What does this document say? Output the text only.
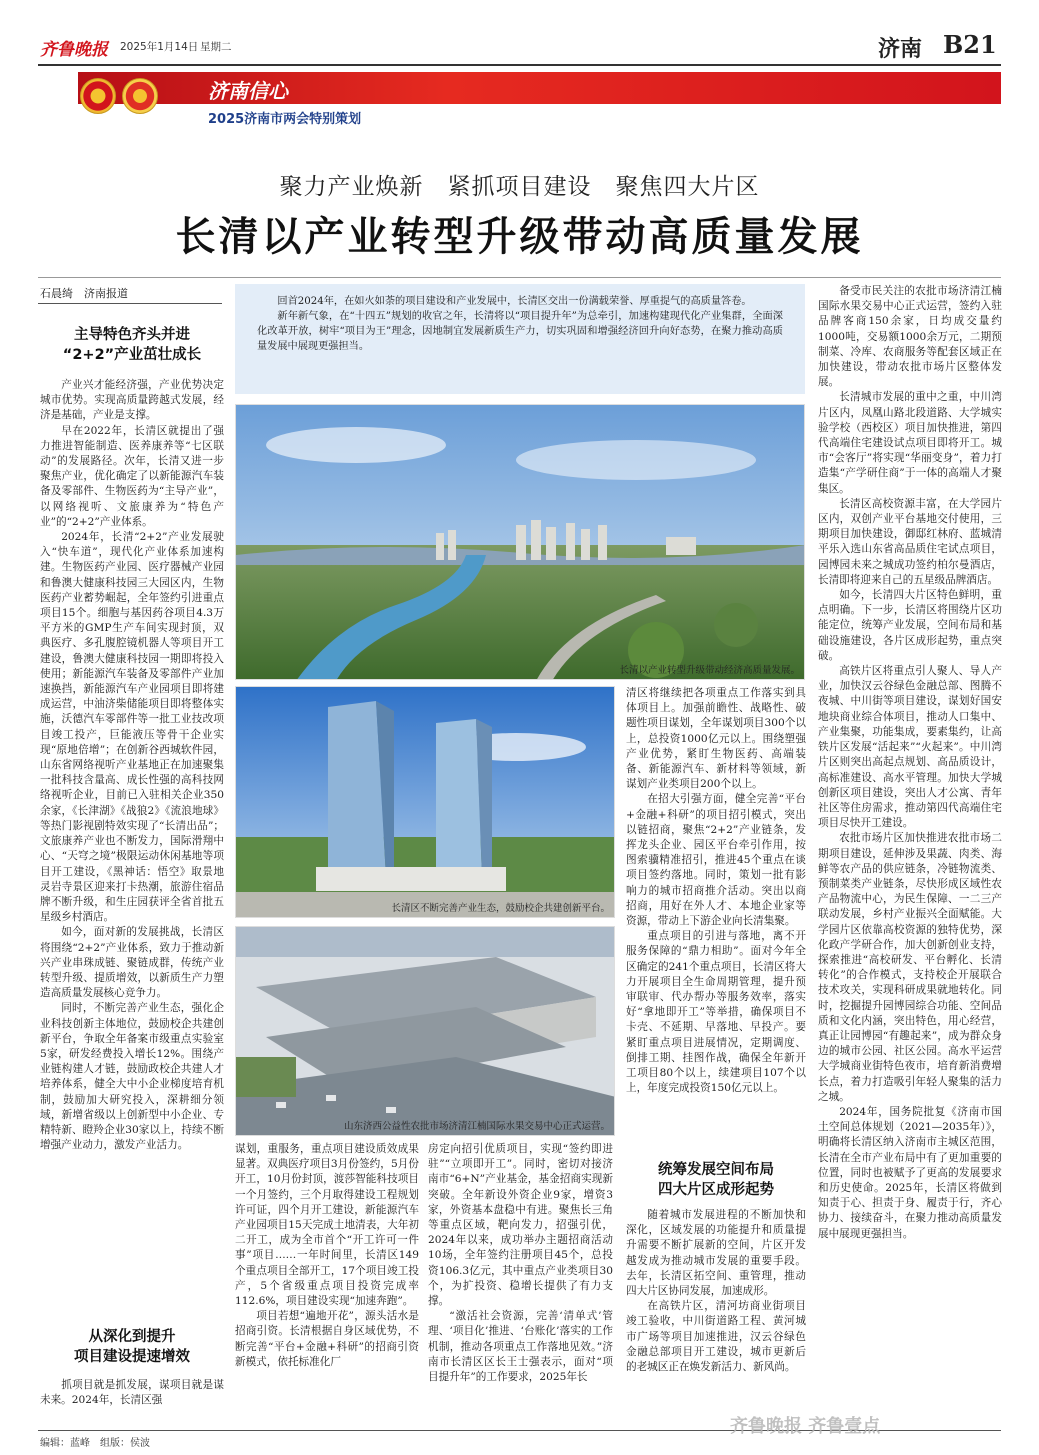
齐鲁晚报 2025年1月14日 星期二	济南 B21
济南信心
2025济南市两会特别策划
聚力产业焕新　紧抓项目建设　聚焦四大片区
长清以产业转型升级带动高质量发展
石晨绮　济南报道

回首2024年，在如火如荼的项目建设和产业发展中，长清区交出一份满载荣誉、厚重提气的高质量答卷。
新年新气象，在“十四五”规划的收官之年，长清将以“项目提升年”为总牵引，加速构建现代化产业集群，全面深化改革开放，树牢“项目为王”理念，因地制宜发展新质生产力，切实巩固和增强经济回升向好态势，在聚力推动高质量发展中展现更强担当。

主导特色齐头并进
“2+2”产业茁壮成长

产业兴才能经济强，产业优势决定城市优势。实现高质量跨越式发展，经济是基础，产业是支撑。
早在2022年，长清区就提出了强力推进智能制造、医养康养等“七区联动”的发展路径。次年，长清又进一步聚焦产业，优化确定了以新能源汽车装备及零部件、生物医药为“主导产业”，以网络视听、文旅康养为“特色产业”的“2+2”产业体系。
2024年，长清“2+2”产业发展驶入“快车道”，现代化产业体系加速构建。生物医药产业园、医疗器械产业园和鲁澳大健康科技园三大园区内，生物医药产业蓄势崛起，全年签约引进重点项目15个。细胞与基因药谷项目4.3万平方米的GMP生产车间实现封顶，双典医疗、多孔腹腔镜机器人等项目开工建设，鲁澳大健康科技园一期即将投入使用；新能源汽车装备及零部件产业加速换挡，新能源汽车产业园项目即将建成运营，中油济柴储能项目即将整体实施，沃德汽车零部件等一批工业技改项目竣工投产，巨能液压等骨干企业实现“原地倍增”；在创新谷西城软件园，山东省网络视听产业基地正在加速聚集一批科技含量高、成长性强的高科技网络视听企业，目前已入驻相关企业350余家，《长津湖》《战狼2》《流浪地球》等热门影视剧特效实现了“长清出品”；文旅康养产业也不断发力，国际滑翔中心、“天穹之境”极限运动休闲基地等项目开工建设，《黑神话：悟空》取景地灵岩寺景区迎来打卡热潮，旅游住宿品牌不断升级，和生庄园获评全省首批五星级乡村酒店。
如今，面对新的发展挑战，长清区将围绕“2+2”产业体系，致力于推动新兴产业串珠成链、聚链成群，传统产业转型升级、提质增效，以新质生产力塑造高质量发展核心竞争力。
同时，不断完善产业生态，强化企业科技创新主体地位，鼓励校企共建创新平台，争取全年备案市级重点实验室5家，研发经费投入增长12%。围绕产业链构建人才链，鼓励政校企共建人才培养体系，健全大中小企业梯度培育机制，鼓励加大研究投入，深耕细分领域，新增省级以上创新型中小企业、专精特新、瞪羚企业30家以上，持续不断增强产业动力，激发产业活力。

从深化到提升
项目建设提速增效

抓项目就是抓发展，谋项目就是谋未来。2024年，长清区强

长清以产业转型升级带动经济高质量发展。
长清区不断完善产业生态，鼓励校企共建创新平台。
山东济西公益性农批市场济清江楠国际水果交易中心正式运营。

谋划，重服务，重点项目建设质效成果显著。双典医疗项目3月份签约，5月份开工，10月份封顶，渡莎智能科技项目一个月签约，三个月取得建设工程规划许可证，四个月开工建设，新能源汽车产业园项目15天完成土地清表，大年初二开工，成为全市首个“开工许可一件事”项目……一年时间里，长清区149个重点项目全部开工，17个项目竣工投产，5个省级重点项目投资完成率112.6%，项目建设实现“加速奔跑”。
项目若想“遍地开花”，源头活水是招商引资。长清根据自身区域优势，不断完善“平台+金融+科研”的招商引资新模式，依托标准化厂

房定向招引优质项目，实现“签约即进驻”“立项即开工”。同时，密切对接济南市“6+N”产业基金，基金招商实现新突破。全年新设外资企业9家，增资3家，外资基本盘稳中有进。聚焦长三角等重点区域，靶向发力，招强引优，2024年以来，成功举办主题招商活动10场，全年签约注册项目45个，总投资106.3亿元，其中重点产业类项目30个，为扩投资、稳增长提供了有力支撑。
“激活社会资源，完善‘清单式’管理、‘项目化’推进、‘台账化’落实的工作机制，推动各项重点工作落地见效。”济南市长清区区长王士强表示，面对“项目提升年”的工作要求，2025年长

清区将继续把各项重点工作落实到具体项目上。加强前瞻性、战略性、破题性项目谋划，全年谋划项目300个以上，总投资1000亿元以上。围绕塑强产业优势，紧盯生物医药、高端装备、新能源汽车、新材料等领域，新谋划产业类项目200个以上。
在招大引强方面，健全完善“平台+金融+科研”的项目招引模式，突出以链招商，聚焦“2+2”产业链条，发挥龙头企业、园区平台牵引作用，按图索骥精准招引，推进45个重点在谈项目签约落地。同时，策划一批有影响力的城市招商推介活动。突出以商招商，用好在外人才、本地企业家等资源，带动上下游企业向长清集聚。
重点项目的引进与落地，离不开服务保障的“鼎力相助”。面对今年全区确定的241个重点项目，长清区将大力开展项目全生命周期管理，提升预审联审、代办帮办等服务效率，落实好“拿地即开工”等举措，确保项目不卡壳、不延期、早落地、早投产。要紧盯重点项目进展情况，定期调度、倒排工期、挂图作战，确保全年新开工项目80个以上，续建项目107个以上，年度完成投资150亿元以上。

统筹发展空间布局
四大片区成形起势

随着城市发展进程的不断加快和深化，区域发展的功能提升和质量提升需要不断扩展新的空间，片区开发越发成为推动城市发展的重要手段。去年，长清区拓空间、重管理，推动四大片区协同发展，加速成形。
在高铁片区，清河坊商业街项目竣工验收，中川街道路工程、黄河城市广场等项目加速推进，汉云谷绿色金融总部项目开工建设，城市更新后的老城区正在焕发新活力、新风尚。

备受市民关注的农批市场济清江楠国际水果交易中心正式运营，签约入驻品牌客商150余家，日均成交量约1000吨，交易额1000余万元，二期预制菜、冷库、农商服务等配套区域正在加快建设，带动农批市场片区整体发展。
长清城市发展的重中之重，中川湾片区内，凤凰山路北段道路、大学城实验学校（西校区）项目加快推进，第四代高端住宅建设试点项目即将开工。城市“会客厅”将实现“华丽变身”，着力打造集“产学研住商”于一体的高端人才聚集区。
长清区高校资源丰富，在大学园片区内，双创产业平台基地交付使用，三期项目加快建设，御邸红林府、蓝城清平乐入选山东省高品质住宅试点项目，园博园未来之城成功签约柏尔曼酒店，长清即将迎来自己的五星级品牌酒店。
如今，长清四大片区特色鲜明，重点明确。下一步，长清区将围绕片区功能定位，统筹产业发展，空间布局和基础设施建设，各片区成形起势，重点突破。
高铁片区将重点引人聚人、导人产业，加快汉云谷绿色金融总部、图腾不夜城、中川街等项目建设，谋划好国安地块商业综合体项目，推动人口集中、产业集聚，功能集成，要素集约，让高铁片区发展“活起来”“火起来”。中川湾片区则突出高起点规划、高品质设计，高标准建设、高水平管理。加快大学城创新区项目建设，突出人才公寓、青年社区等住房需求，推动第四代高端住宅项目尽快开工建设。
农批市场片区加快推进农批市场二期项目建设，延伸涉及果蔬、肉类、海鲜等农产品的供应链条，冷链物流类、预制菜类产业链条，尽快形成区域性农产品物流中心，为民生保障、一二三产联动发展，乡村产业振兴全面赋能。大学园片区依靠高校资源的独特优势，深化政产学研合作，加大创新创业支持，探索推进“高校研发、平台孵化、长清转化”的合作模式，支持校企开展联合技术攻关，实现科研成果就地转化。同时，挖掘提升园博园综合功能、空间品质和文化内涵，突出特色，用心经营，真正让园博园“有趣起来”，成为群众身边的城市公园、社区公园。高水平运营大学城商业街特色夜市，培育新消费增长点，着力打造吸引年轻人聚集的活力之城。
2024年，国务院批复《济南市国土空间总体规划（2021—2035年）》，明确将长清区纳入济南市主城区范围，长清在全市产业布局中有了更加重要的位置，同时也被赋予了更高的发展要求和历史使命。2025年，长清区将做到知责于心、担责于身、履责于行，齐心协力、接续奋斗，在聚力推动高质量发展中展现更强担当。

编辑：蓝峰　组版：侯波
齐鲁晚报 齐鲁壹点
